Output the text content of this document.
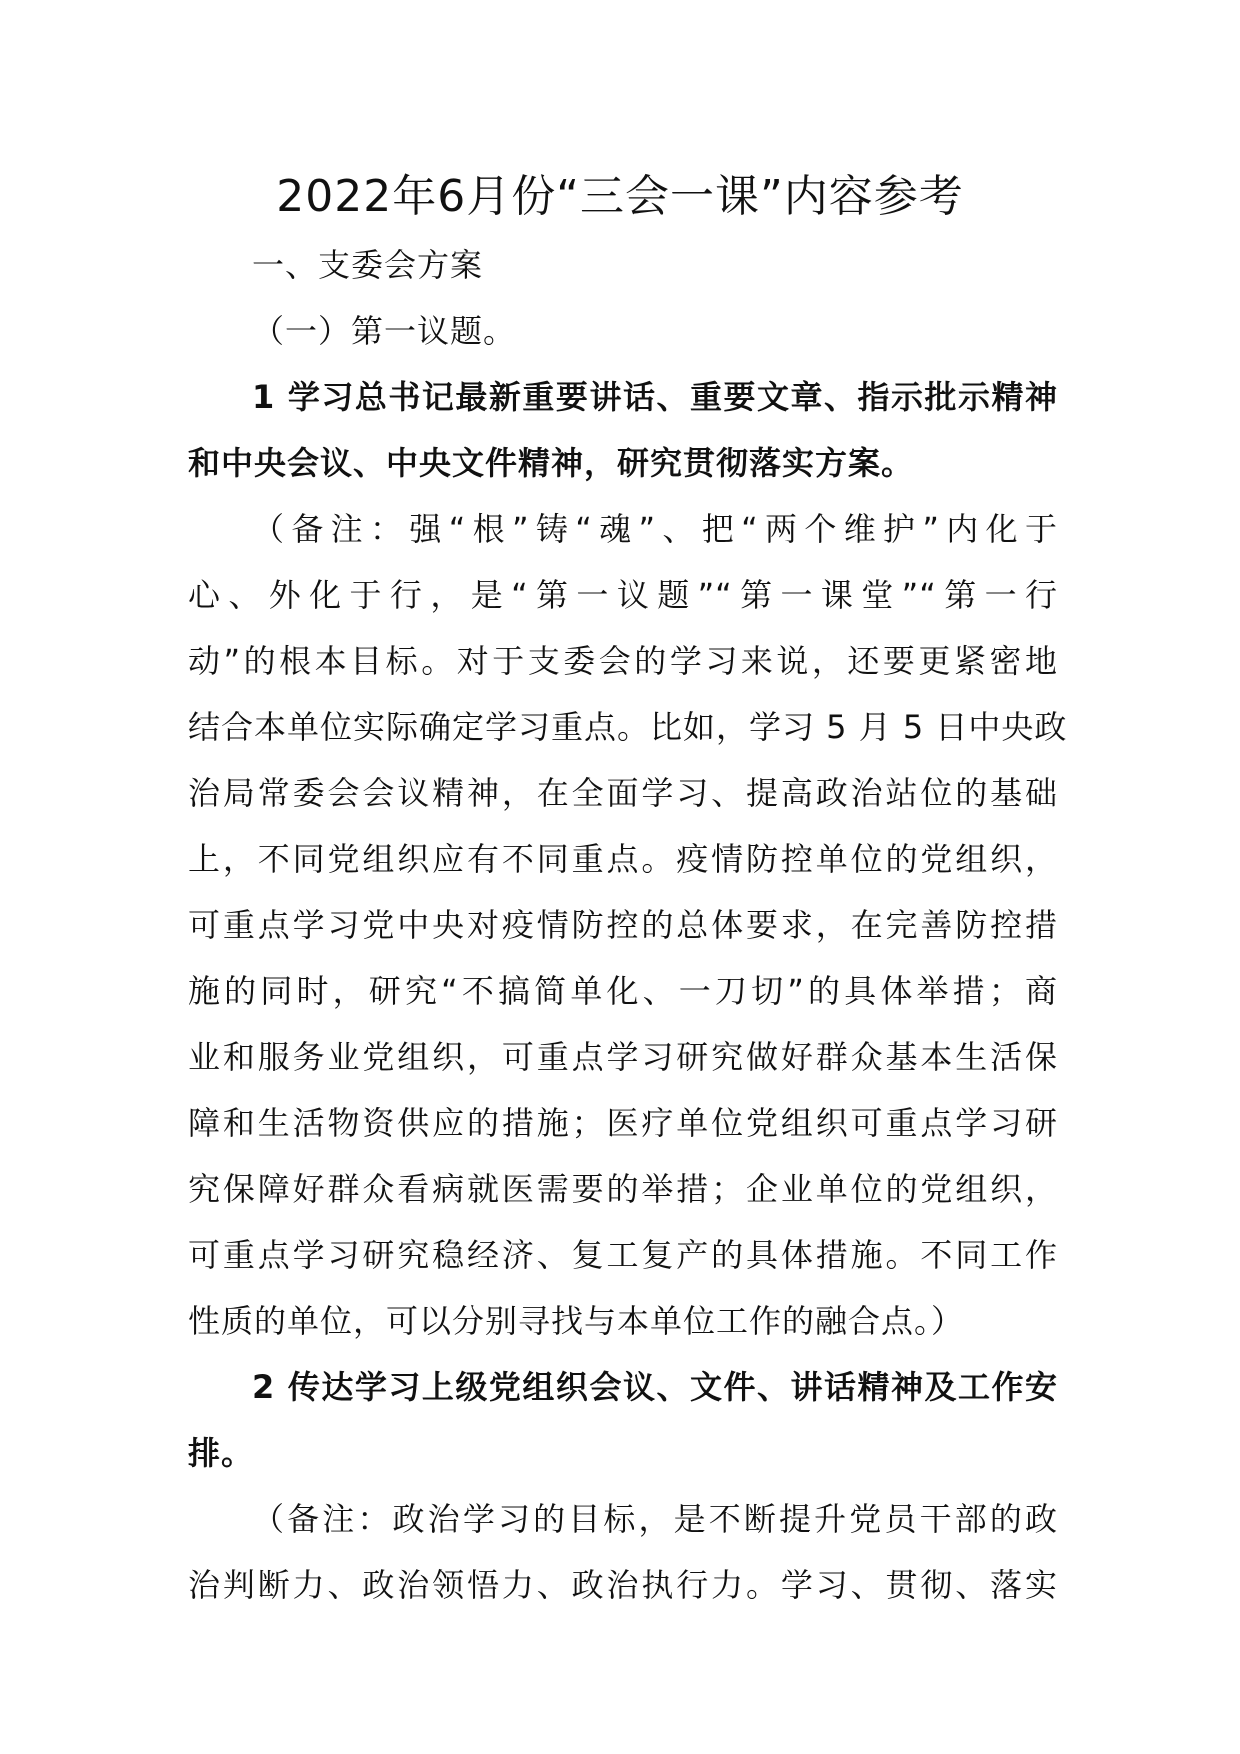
2022年6月份“三会一课”内容参考
一、支委会方案
（一）第一议题。
1 学习总书记最新重要讲话、重要文章、指示批示精神
和中央会议、中央文件精神，研究贯彻落实方案。
（备注：强“根”铸“魂”、把“两个维护”内化于
心、外化于行，是“第一议题”“第一课堂”“第一行
动”的根本目标。对于支委会的学习来说，还要更紧密地
结合本单位实际确定学习重点。比如，学习 5 月 5 日中央政
治局常委会会议精神，在全面学习、提高政治站位的基础
上，不同党组织应有不同重点。疫情防控单位的党组织，
可重点学习党中央对疫情防控的总体要求，在完善防控措
施的同时，研究“不搞简单化、一刀切”的具体举措；商
业和服务业党组织，可重点学习研究做好群众基本生活保
障和生活物资供应的措施；医疗单位党组织可重点学习研
究保障好群众看病就医需要的举措；企业单位的党组织，
可重点学习研究稳经济、复工复产的具体措施。不同工作
性质的单位，可以分别寻找与本单位工作的融合点。）
2 传达学习上级党组织会议、文件、讲话精神及工作安
排。
（备注：政治学习的目标，是不断提升党员干部的政
治判断力、政治领悟力、政治执行力。学习、贯彻、落实
